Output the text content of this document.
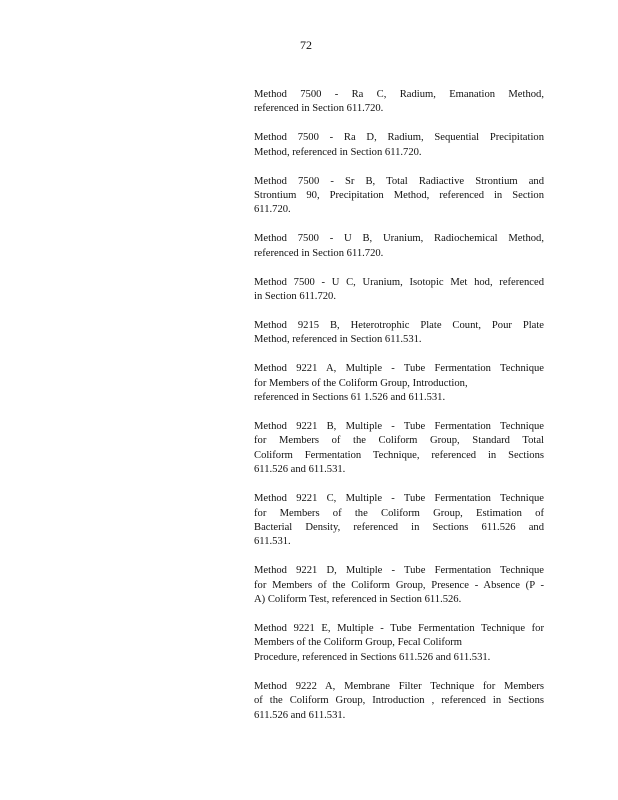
72
Method 7500 - Ra C, Radium, Emanation Method,
referenced in Section 611.720.
Method 7500 - Ra D, Radium, Sequential Precipitation
Method, referenced in Section 611.720.
Method 7500 - Sr B, Total Radiactive Strontium and
Strontium 90, Precipitation Method, referenced in Section
611.720.
Method 7500 - U B, Uranium, Radiochemical Method,
referenced in Section 611.720.
Method 7500 - U C, Uranium, Isotopic Met hod, referenced
in Section 611.720.
Method 9215 B, Heterotrophic Plate Count, Pour Plate
Method, referenced in Section 611.531.
Method 9221 A, Multiple - Tube Fermentation Technique
for Members of the Coliform Group, Introduction,
referenced in Sections 61 1.526 and 611.531.
Method 9221 B, Multiple - Tube Fermentation Technique
for Members of the Coliform Group, Standard Total
Coliform Fermentation Technique, referenced in Sections
611.526 and 611.531.
Method 9221 C, Multiple - Tube Fermentation Technique
for Members of the Coliform Group, Estimation of
Bacterial Density, referenced in Sections 611.526 and
611.531.
Method 9221 D, Multiple - Tube Fermentation Technique
for Members of the Coliform Group, Presence - Absence (P -
A) Coliform Test, referenced in Section 611.526.
Method 9221 E, Multiple - Tube Fermentation Technique for
Members of the Coliform Group, Fecal Coliform
Procedure, referenced in Sections 611.526 and 611.531.
Method 9222 A, Membrane Filter Technique for Members
of the Coliform Group, Introduction , referenced in Sections
611.526 and 611.531.
